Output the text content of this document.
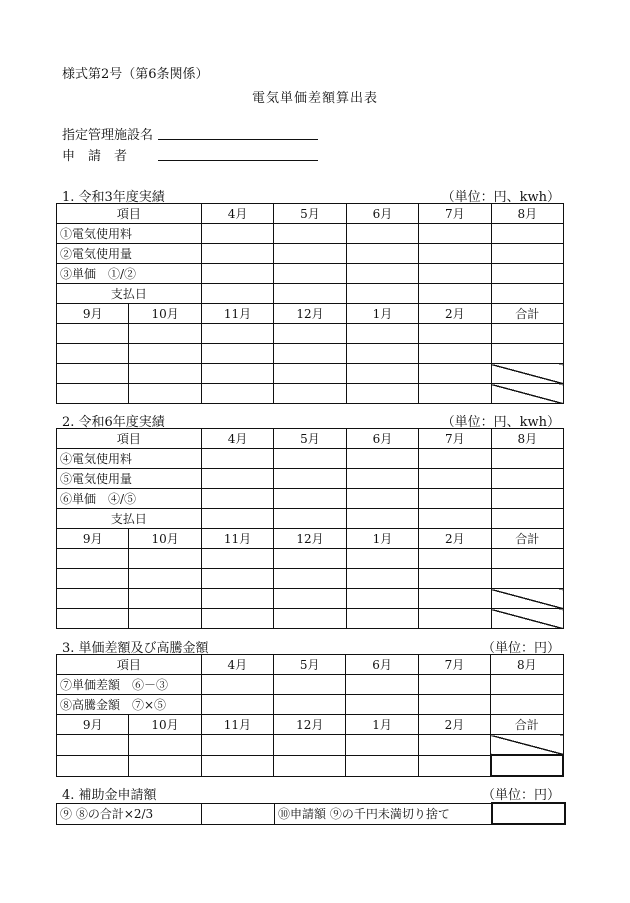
様式第2号（第6条関係）
電気単価差額算出表
指定管理施設名
申　請　者
1. 令和3年度実績	（単位：円、kwh）
項目		4月	5月	6月	7月	8月
①電気使用料						
②電気使用量						
③単価　①/②						
支払日						
9月	10月	11月	12月	1月	2月	合計

2. 令和6年度実績	（単位：円、kwh）
項目		4月	5月	6月	7月	8月
④電気使用料						
⑤電気使用量						
⑥単価　④/⑤						
支払日						
9月	10月	11月	12月	1月	2月	合計

3. 単価差額及び高騰金額	（単位：円）
項目		4月	5月	6月	7月	8月
⑦単価差額　⑥－③						
⑧高騰金額　⑦×⑤						
9月	10月	11月	12月	1月	2月	合計

4. 補助金申請額	（単位：円）
⑨ ⑧の合計×2/3		⑩申請額 ⑨の千円未満切り捨て	
